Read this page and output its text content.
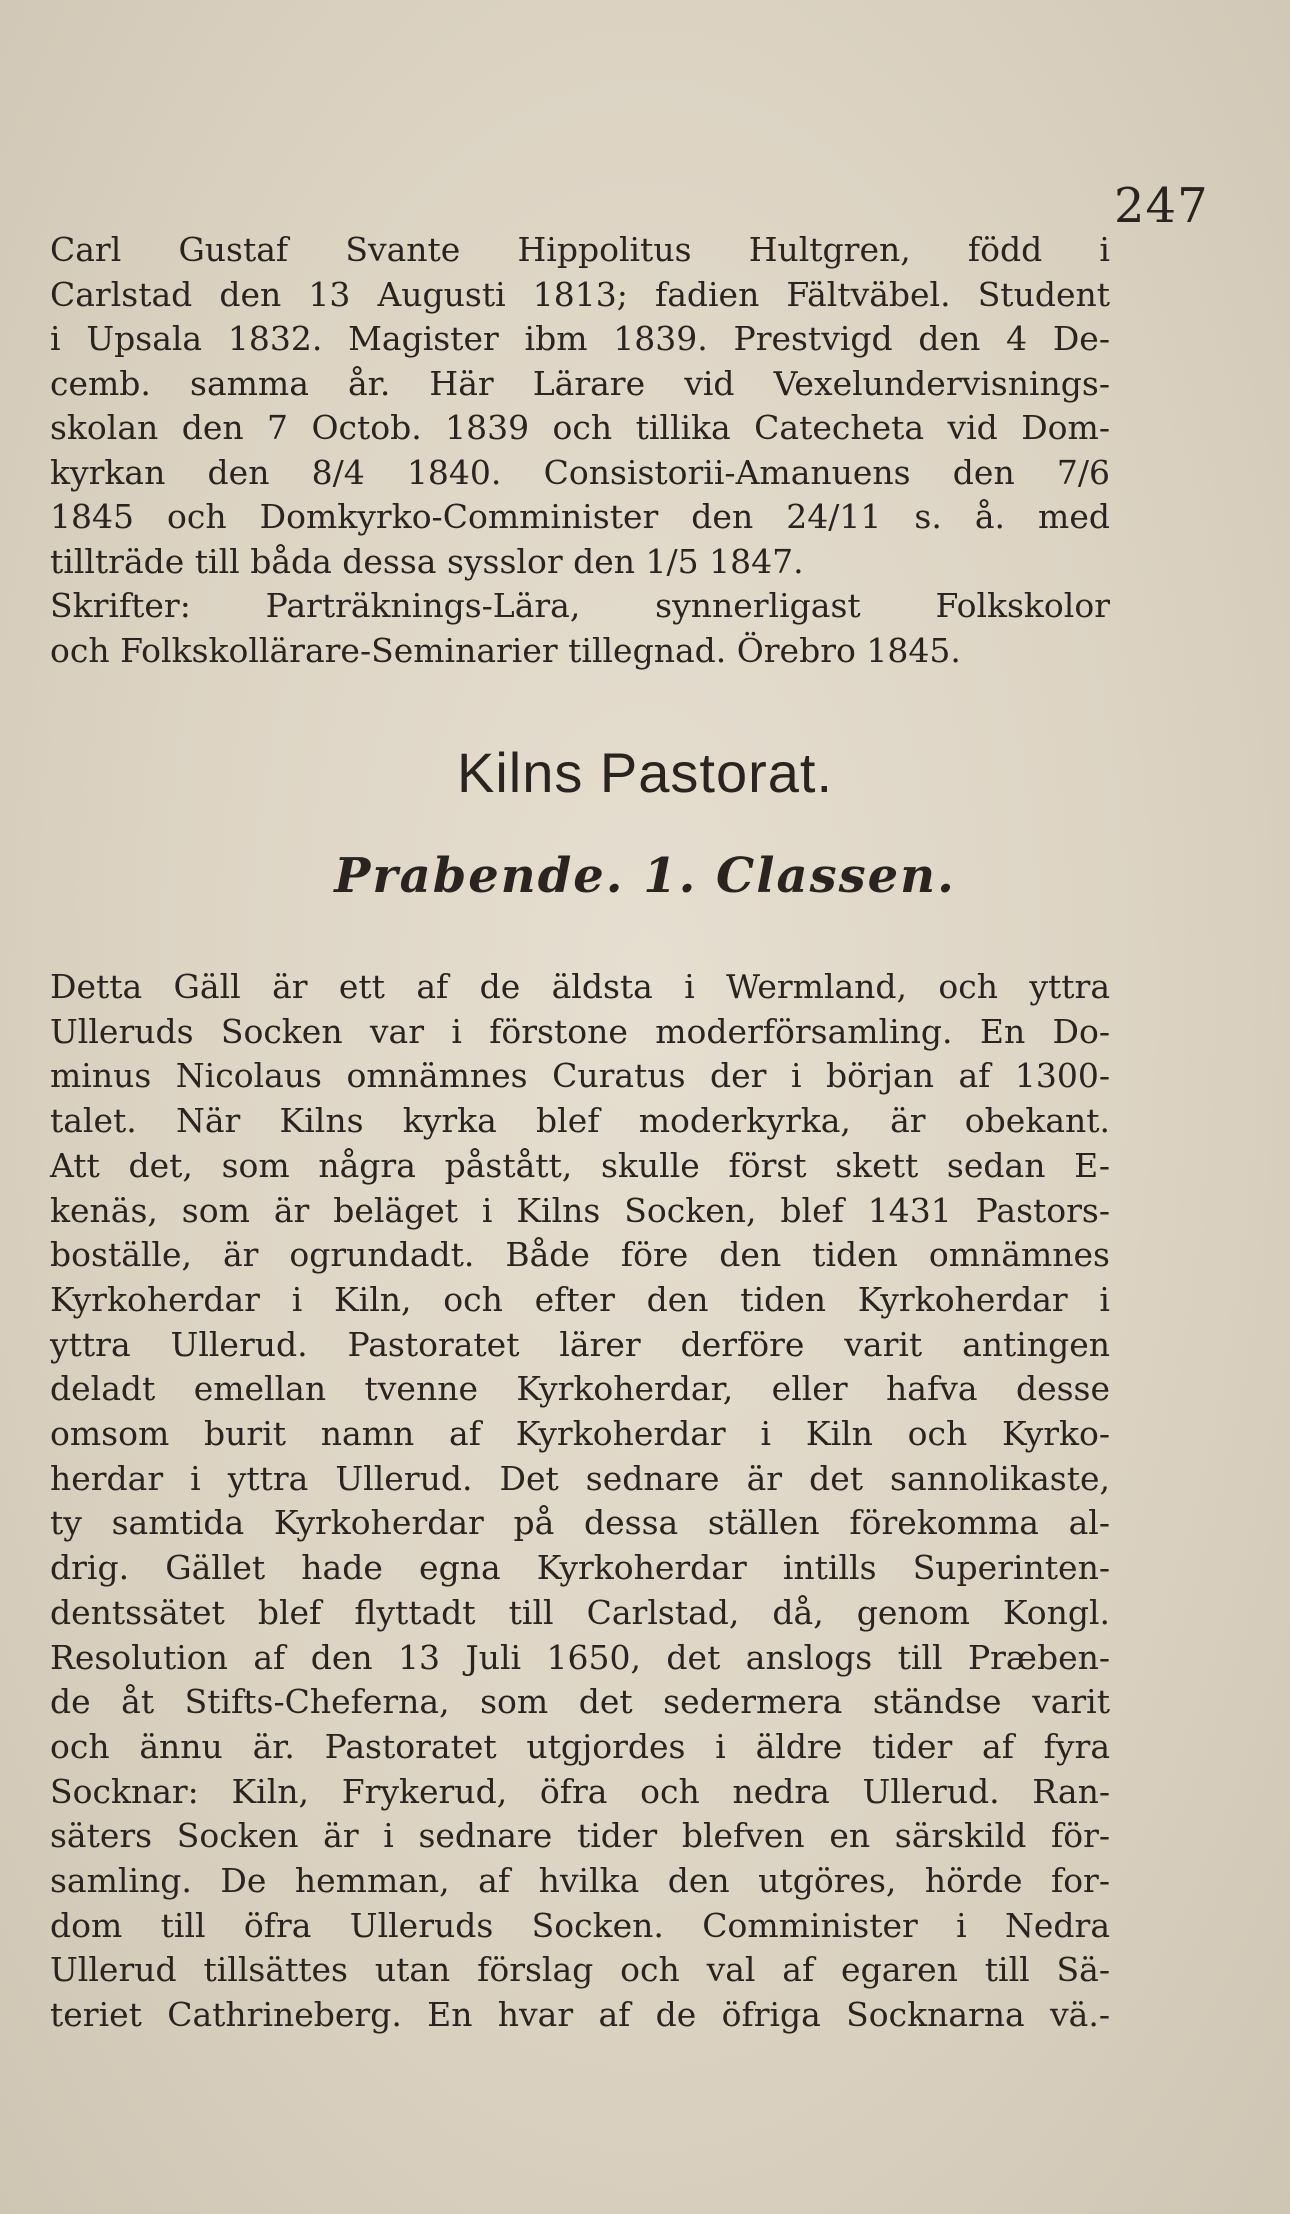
247

Carl Gustaf Svante Hippolitus Hultgren, född i
Carlstad den 13 Augusti 1813; fadien Fältväbel. Student
i Upsala 1832. Magister ibm 1839. Prestvigd den 4 De-
cemb. samma år. Här Lärare vid Vexelundervisnings-
skolan den 7 Octob. 1839 och tillika Catecheta vid Dom-
kyrkan den 8/4 1840. Consistorii-Amanuens den 7/6
1845 och Domkyrko-Comminister den 24/11 s. å. med
tillträde till båda dessa sysslor den 1/5 1847.
Skrifter: Parträknings-Lära, synnerligast Folkskolor
och Folkskollärare-Seminarier tillegnad. Örebro 1845.

Kilns Pastorat.
Prabende. 1. Classen.

Detta Gäll är ett af de äldsta i Wermland, och yttra
Ulleruds Socken var i förstone moderförsamling. En Do-
minus Nicolaus omnämnes Curatus der i början af 1300-
talet. När Kilns kyrka blef moderkyrka, är obekant.
Att det, som några påstått, skulle först skett sedan E-
kenäs, som är beläget i Kilns Socken, blef 1431 Pastors-
boställe, är ogrundadt. Både före den tiden omnämnes
Kyrkoherdar i Kiln, och efter den tiden Kyrkoherdar i
yttra Ullerud. Pastoratet lärer derföre varit antingen
deladt emellan tvenne Kyrkoherdar, eller hafva desse
omsom burit namn af Kyrkoherdar i Kiln och Kyrko-
herdar i yttra Ullerud. Det sednare är det sannolikaste,
ty samtida Kyrkoherdar på dessa ställen förekomma al-
drig. Gället hade egna Kyrkoherdar intills Superinten-
dentssätet blef flyttadt till Carlstad, då, genom Kongl.
Resolution af den 13 Juli 1650, det anslogs till Præben-
de åt Stifts-Cheferna, som det sedermera ständse varit
och ännu är. Pastoratet utgjordes i äldre tider af fyra
Socknar: Kiln, Frykerud, öfra och nedra Ullerud. Ran-
säters Socken är i sednare tider blefven en särskild för-
samling. De hemman, af hvilka den utgöres, hörde for-
dom till öfra Ulleruds Socken. Comminister i Nedra
Ullerud tillsättes utan förslag och val af egaren till Sä-
teriet Cathrineberg. En hvar af de öfriga Socknarna vä.-
